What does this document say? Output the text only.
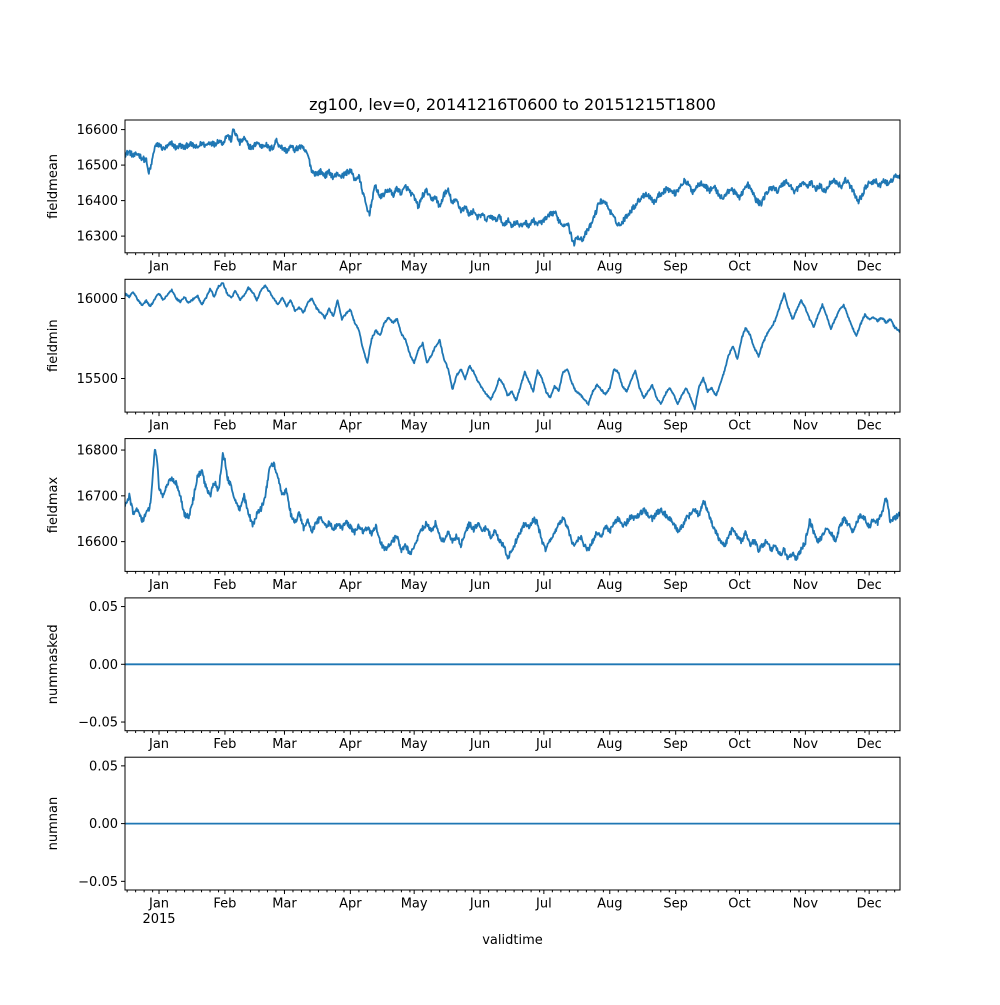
zg100, lev=0, 20141216T0600 to 20151215T1800
16300
16400
16500
16600
Jan	Feb	Mar	Apr	May	Jun	Jul	Aug	Sep	Oct	Nov	Dec
fieldmean
15500
16000
Jan	Feb	Mar	Apr	May	Jun	Jul	Aug	Sep	Oct	Nov	Dec
fieldmin
16600
16700
16800
Jan	Feb	Mar	Apr	May	Jun	Jul	Aug	Sep	Oct	Nov	Dec
fieldmax
0.05
0.00
−0.05
Jan	Feb	Mar	Apr	May	Jun	Jul	Aug	Sep	Oct	Nov	Dec
nummasked
0.05
0.00
−0.05
Jan	Feb	Mar	Apr	May	Jun	Jul	Aug	Sep	Oct	Nov	Dec
2015
numnan
validtime
